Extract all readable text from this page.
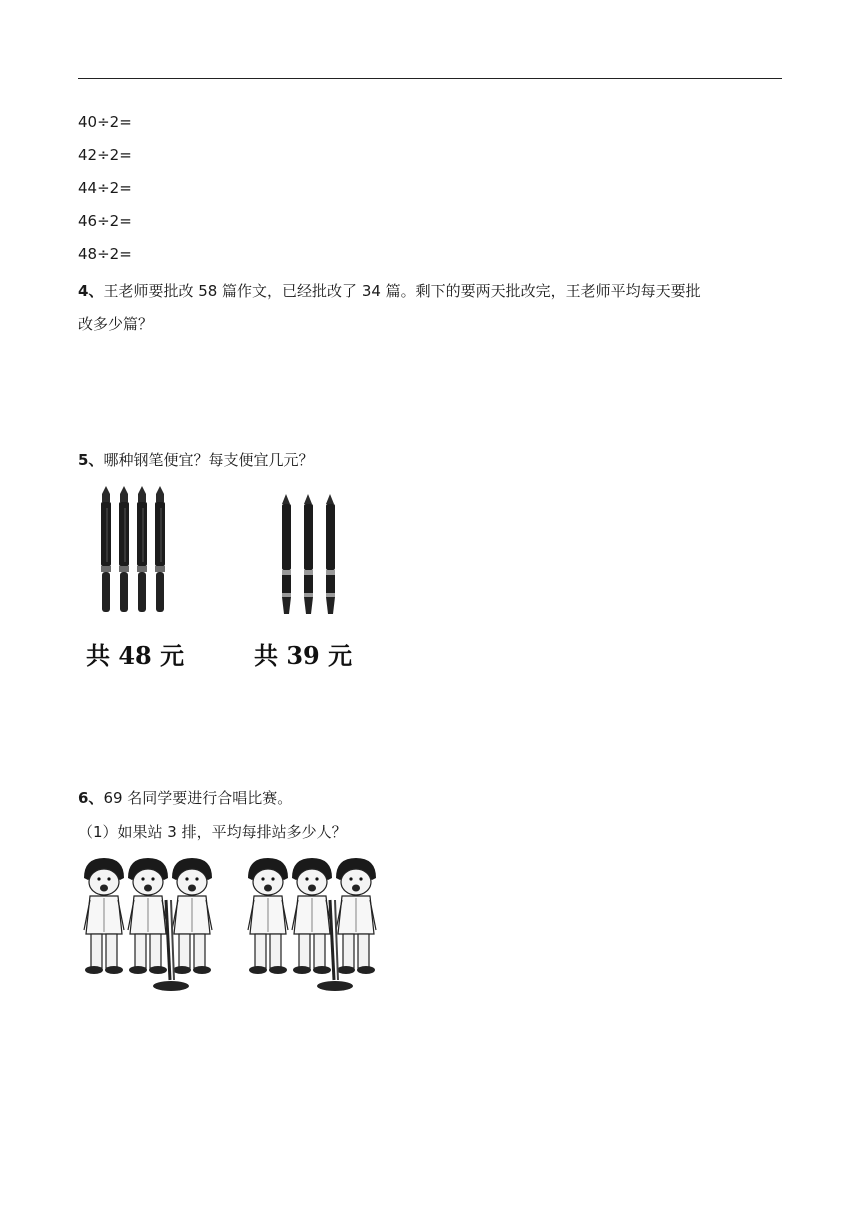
40÷2=
42÷2=
44÷2=
46÷2=
48÷2=
4、王老师要批改 58 篇作文，已经批改了 34 篇。剩下的要两天批改完，王老师平均每天要批
改多少篇？
5、哪种钢笔便宜？每支便宜几元？
共 48 元	共 39 元
6、69 名同学要进行合唱比赛。
（1）如果站 3 排，平均每排站多少人？
